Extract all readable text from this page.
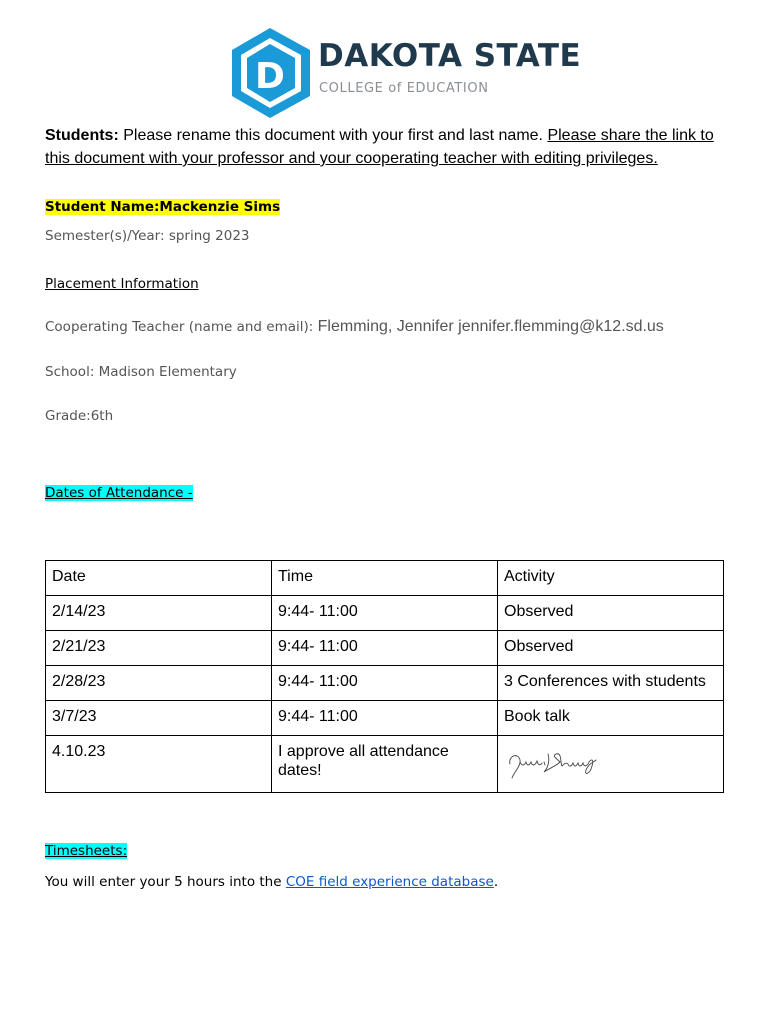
D DAKOTA STATE
COLLEGE of EDUCATION
Students: Please rename this document with your first and last name. Please share the link to this document with your professor and your cooperating teacher with editing privileges.
Student Name:Mackenzie Sims
Semester(s)/Year: spring 2023
Placement Information
Cooperating Teacher (name and email): Flemming, Jennifer jennifer.flemming@k12.sd.us
School: Madison Elementary
Grade:6th
Dates of Attendance -
Date	Time	Activity
2/14/23	9:44- 11:00	Observed
2/21/23	9:44- 11:00	Observed
2/28/23	9:44- 11:00	3 Conferences with students
3/7/23	9:44- 11:00	Book talk
4.10.23	I approve all attendance dates!	
Timesheets:
You will enter your 5 hours into the COE field experience database.
